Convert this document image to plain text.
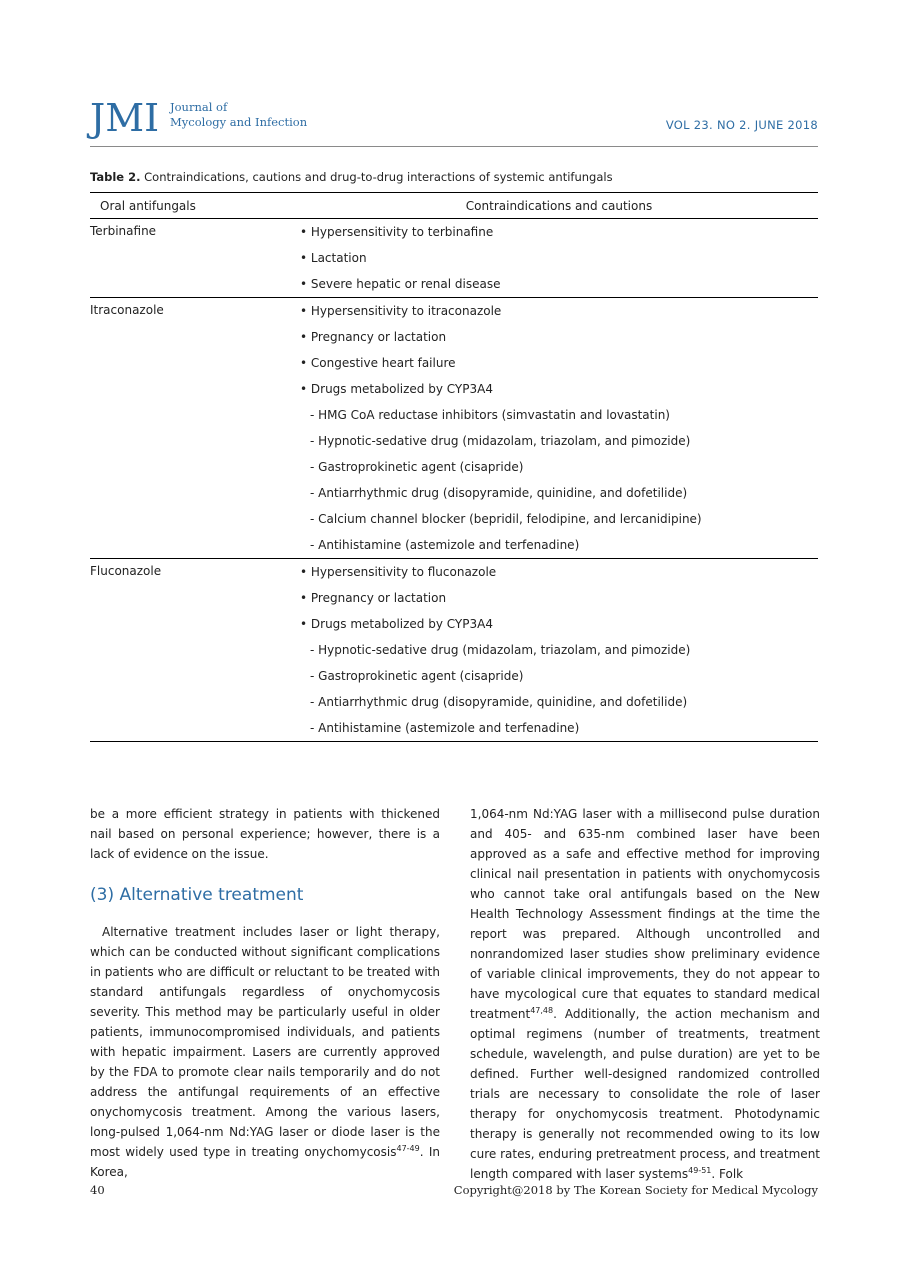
JMI Journal of
Mycology and Infection	VOL 23. NO 2. JUNE 2018
Table 2. Contraindications, cautions and drug-to-drug interactions of systemic antifungals
Oral antifungals	Contraindications and cautions
Terbinafine	• Hypersensitivity to terbinafine
• Lactation
• Severe hepatic or renal disease
Itraconazole	• Hypersensitivity to itraconazole
• Pregnancy or lactation
• Congestive heart failure
• Drugs metabolized by CYP3A4
- HMG CoA reductase inhibitors (simvastatin and lovastatin)
- Hypnotic-sedative drug (midazolam, triazolam, and pimozide)
- Gastroprokinetic agent (cisapride)
- Antiarrhythmic drug (disopyramide, quinidine, and dofetilide)
- Calcium channel blocker (bepridil, felodipine, and lercanidipine)
- Antihistamine (astemizole and terfenadine)
Fluconazole	• Hypersensitivity to fluconazole
• Pregnancy or lactation
• Drugs metabolized by CYP3A4
- Hypnotic-sedative drug (midazolam, triazolam, and pimozide)
- Gastroprokinetic agent (cisapride)
- Antiarrhythmic drug (disopyramide, quinidine, and dofetilide)
- Antihistamine (astemizole and terfenadine)

be a more efficient strategy in patients with thickened nail based on personal experience; however, there is a lack of evidence on the issue.

(3) Alternative treatment

Alternative treatment includes laser or light therapy, which can be conducted without significant complications in patients who are difficult or reluctant to be treated with standard antifungals regardless of onychomycosis severity. This method may be particularly useful in older patients, immunocompromised individuals, and patients with hepatic impairment. Lasers are currently approved by the FDA to promote clear nails temporarily and do not address the antifungal requirements of an effective onychomycosis treatment. Among the various lasers, long-pulsed 1,064-nm Nd:YAG laser or diode laser is the most widely used type in treating onychomycosis$^{47-49}$. In Korea,

1,064-nm Nd:YAG laser with a millisecond pulse duration and 405- and 635-nm combined laser have been approved as a safe and effective method for improving clinical nail presentation in patients with onychomycosis who cannot take oral antifungals based on the New Health Technology Assessment findings at the time the report was prepared. Although uncontrolled and nonrandomized laser studies show preliminary evidence of variable clinical improvements, they do not appear to have mycological cure that equates to standard medical treatment$^{47,48}$. Additionally, the action mechanism and optimal regimens (number of treatments, treatment schedule, wavelength, and pulse duration) are yet to be defined. Further well-designed randomized controlled trials are necessary to consolidate the role of laser therapy for onychomycosis treatment. Photodynamic therapy is generally not recommended owing to its low cure rates, enduring pretreatment process, and treatment length compared with laser systems$^{49-51}$. Folk

40	Copyright@2018 by The Korean Society for Medical Mycology
